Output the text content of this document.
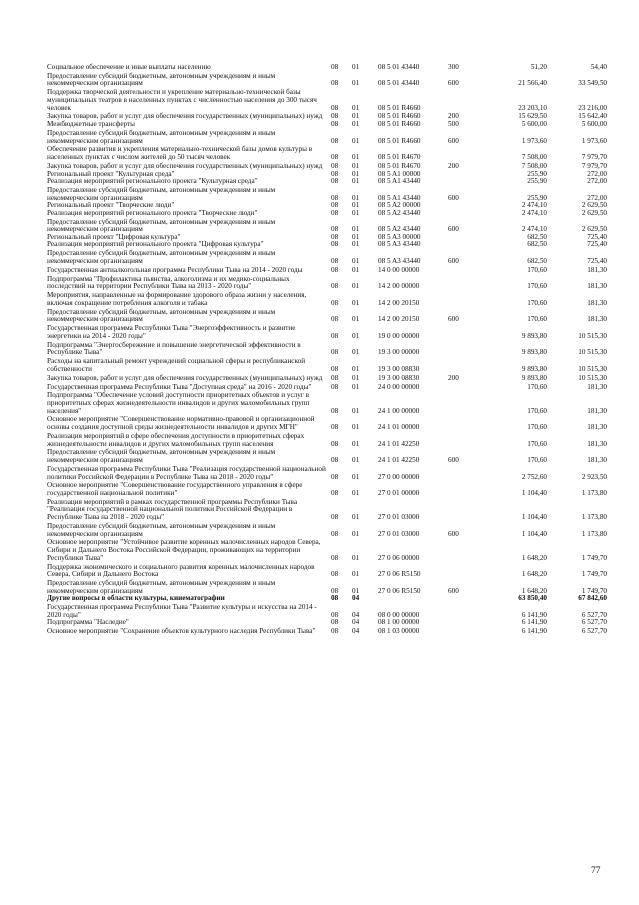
Социальное обеспечение и иные выплаты населению	08	01	08 5 01 43440	300	51,20	54,40
Предоставление субсидий бюджетным, автономным учреждениям и иным некоммерческим организациям	08	01	08 5 01 43440	600	21 566,40	33 549,50
Поддержка творческой деятельности и укрепление материально-технической базы муниципальных театров в населенных пунктах с численностью населения до 300 тысяч человек	08	01	08 5 01 R4660		23 203,10	23 216,00
Закупка товаров, работ и услуг для обеспечения государственных (муниципальных) нужд	08	01	08 5 01 R4660	200	15 629,50	15 642,40
Межбюджетные трансферты	08	01	08 5 01 R4660	500	5 600,00	5 600,00
Предоставление субсидий бюджетным, автономным учреждениям и иным некоммерческим организациям	08	01	08 5 01 R4660	600	1 973,60	1 973,60
Обеспечение развития и укрепления материально-технической базы домов культуры в населенных пунктах с числом жителей до 50 тысяч человек	08	01	08 5 01 R4670		7 508,00	7 979,70
Закупка товаров, работ и услуг для обеспечения государственных (муниципальных) нужд	08	01	08 5 01 R4670	200	7 508,00	7 979,70
Региональный проект "Культурная среда"	08	01	08 5 A1 00000		255,90	272,00
Реализация мероприятий регионального проекта "Культурная среда"	08	01	08 5 A1 43440		255,90	272,00
Предоставление субсидий бюджетным, автономным учреждениям и иным некоммерческим организациям	08	01	08 5 A1 43440	600	255,90	272,00
Региональный проект "Творческие люди"	08	01	08 5 A2 00000		2 474,10	2 629,50
Реализация мероприятий регионального проекта "Творческие люди"	08	01	08 5 A2 43440		2 474,10	2 629,50
Предоставление субсидий бюджетным, автономным учреждениям и иным некоммерческим организациям	08	01	08 5 A2 43440	600	2 474,10	2 629,50
Региональный проект "Цифровая культура"	08	01	08 5 A3 00000		682,50	725,40
Реализация мероприятий регионального проекта "Цифровая культура"	08	01	08 5 A3 43440		682,50	725,40
Предоставление субсидий бюджетным, автономным учреждениям и иным некоммерческим организациям	08	01	08 5 A3 43440	600	682,50	725,40
Государственная антиалкогольная программа Республики Тыва на 2014 - 2020 годы	08	01	14 0 00 00000		170,60	181,30
Подпрограмма "Профилактика пьянства, алкоголизма и их медико-социальных последствий на территории Республики Тыва на 2013 - 2020 годы"	08	01	14 2 00 00000		170,60	181,30
Мероприятия, направленные на формирование здорового образа жизни у населения, включая сокращение потребления алкоголя и табака	08	01	14 2 00 20150		170,60	181,30
Предоставление субсидий бюджетным, автономным учреждениям и иным некоммерческим организациям	08	01	14 2 00 20150	600	170,60	181,30
Государственная программа Республики Тыва "Энергоэффективность и развитие энергетики на 2014 - 2020 годы"	08	01	19 0 00 00000		9 893,80	10 515,30
Подпрограмма "Энергосбережение и повышение энергетической эффективности в Республике Тыва"	08	01	19 3 00 00000		9 893,80	10 515,30
Расходы на капитальный ремонт учреждений социальной сферы и республиканской собственности	08	01	19 3 00 08830		9 893,80	10 515,30
Закупка товаров, работ и услуг для обеспечения государственных (муниципальных) нужд	08	01	19 3 00 08830	200	9 893,80	10 515,30
Государственная программа Республики Тыва "Доступная среда" на 2016 - 2020 годы"	08	01	24 0 00 00000		170,60	181,30
Подпрограмма "Обеспечение условий доступности приоритетных объектов и услуг в приоритетных сферах жизнедеятельности инвалидов и других маломобильных групп населения"	08	01	24 1 00 00000		170,60	181,30
Основное мероприятие "Совершенствование нормативно-правовой и организационной основы создания доступной среды жизнедеятельности инвалидов и других МГН"	08	01	24 1 01 00000		170,60	181,30
Реализация мероприятий в сфере обеспечения доступности в приоритетных сферах жизнедеятельности инвалидов и других маломобильных групп населения	08	01	24 1 01 42250		170,60	181,30
Предоставление субсидий бюджетным, автономным учреждениям и иным некоммерческим организациям	08	01	24 1 01 42250	600	170,60	181,30
Государственная программа Республики Тыва "Реализация государственной национальной политики Российской Федерации в Республике Тыва на 2018 - 2020 годы"	08	01	27 0 00 00000		2 752,60	2 923,50
Основное мероприятие "Совершенствование государственного управления в сфере государственной национальной политики"	08	01	27 0 01 00000		1 104,40	1 173,80
Реализация мероприятий в рамках государственной программы Республики Тыва "Реализация государственной национальной политики Российской Федерации в Республике Тыва на 2018 - 2020 годы"	08	01	27 0 01 03000		1 104,40	1 173,80
Предоставление субсидий бюджетным, автономным учреждениям и иным некоммерческим организациям	08	01	27 0 01 03000	600	1 104,40	1 173,80
Основное мероприятие "Устойчивое развитие коренных малочисленных народов Севера, Сибири и Дальнего Востока Российской Федерации, проживающих на территории Республики Тыва"	08	01	27 0 06 00000		1 648,20	1 749,70
Поддержка экономического и социального развития коренных малочисленных народов Севера, Сибири и Дальнего Востока	08	01	27 0 06 R5150		1 648,20	1 749,70
Предоставление субсидий бюджетным, автономным учреждениям и иным некоммерческим организациям	08	01	27 0 06 R5150	600	1 648,20	1 749,70
Другие вопросы в области культуры, кинематографии	08	04			63 850,40	67 842,60
Государственная программа Республики Тыва "Развитие культуры и искусства на 2014 - 2020 годы"	08	04	08 0 00 00000		6 141,90	6 527,70
Подпрограмма "Наследие"	08	04	08 1 00 00000		6 141,90	6 527,70
Основное мероприятие "Сохранение объектов культурного наследия Республики Тыва"	08	04	08 1 03 00000		6 141,90	6 527,70
77
